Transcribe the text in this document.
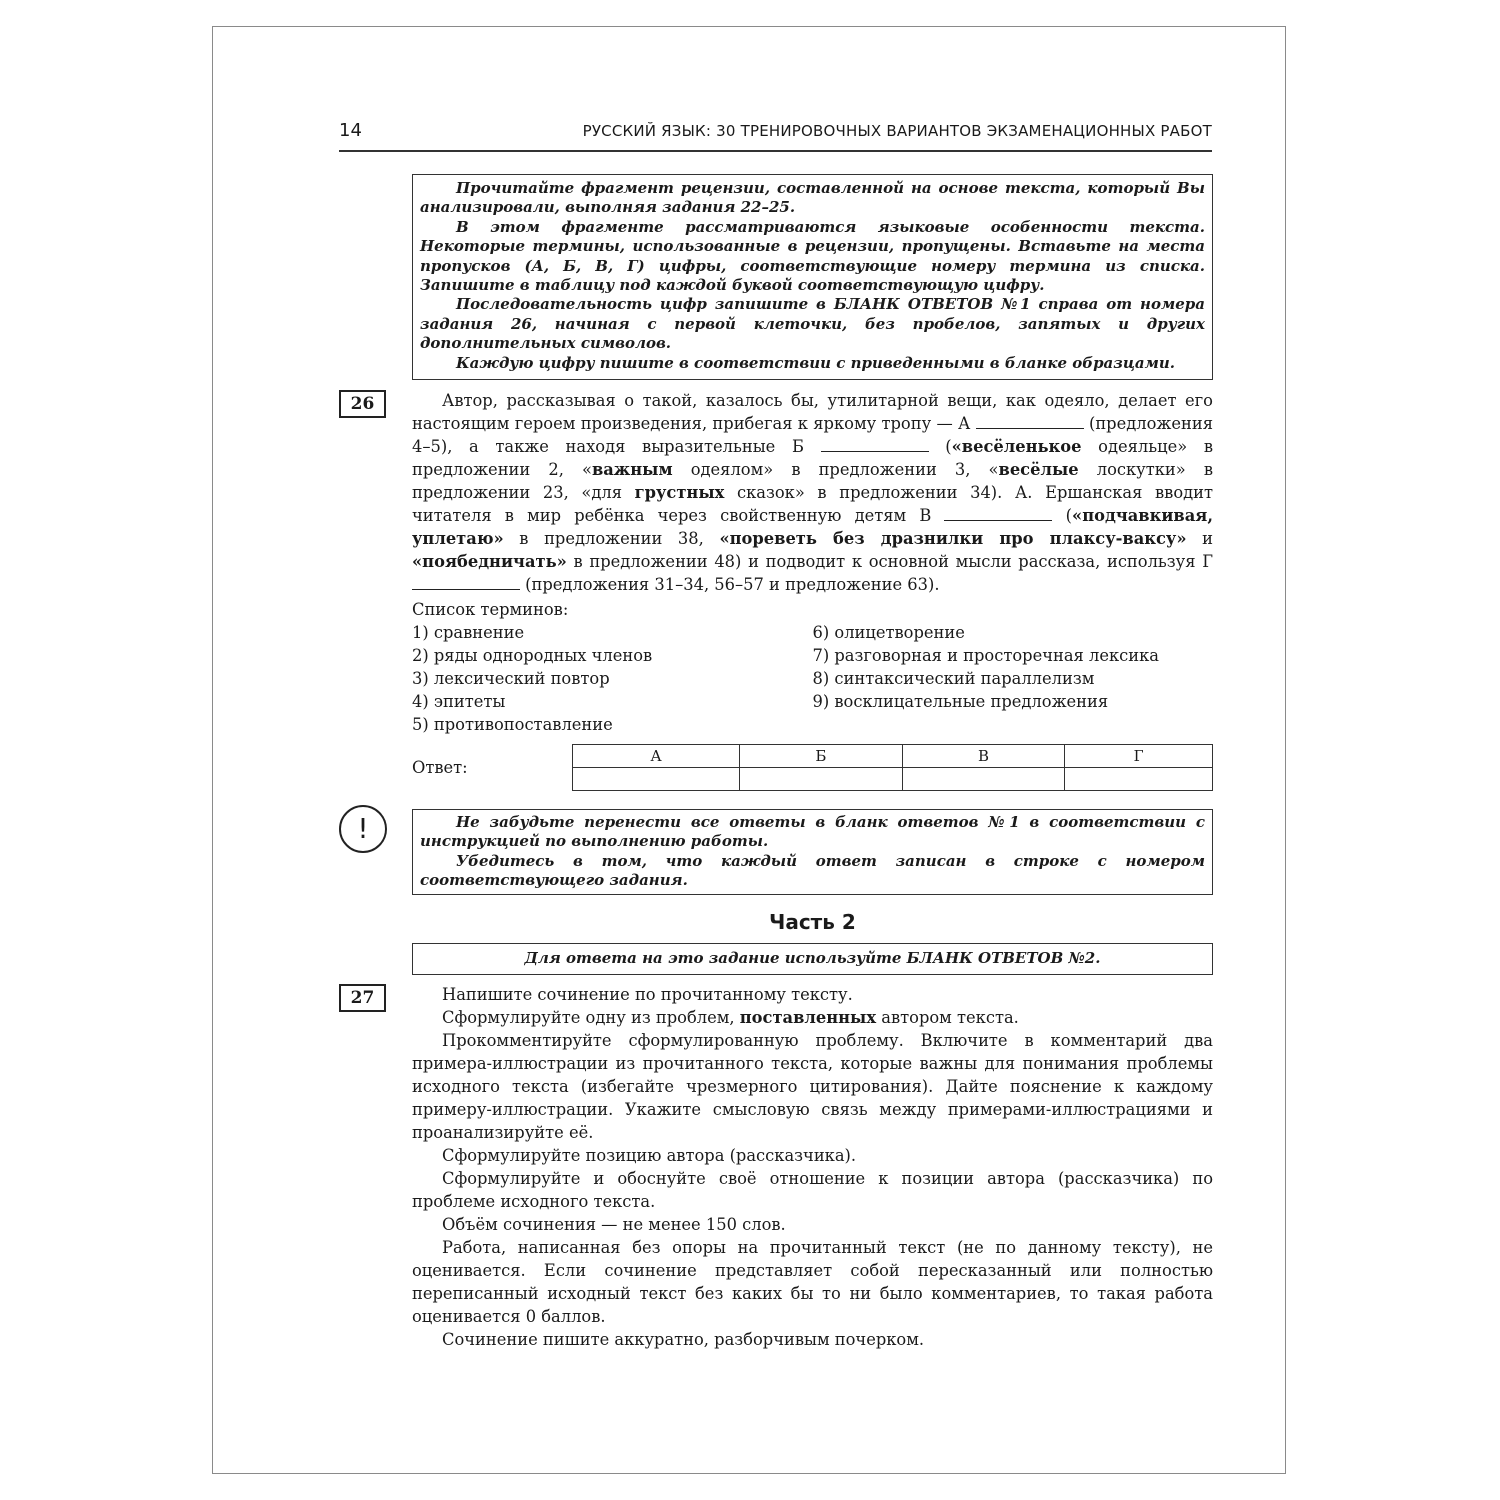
14	РУССКИЙ ЯЗЫК: 30 ТРЕНИРОВОЧНЫХ ВАРИАНТОВ ЭКЗАМЕНАЦИОННЫХ РАБОТ

Прочитайте фрагмент рецензии, составленной на основе текста, который Вы анализировали, выполняя задания 22–25.

В этом фрагменте рассматриваются языковые особенности текста. Некоторые термины, использованные в рецензии, пропущены. Вставьте на места пропусков (А, Б, В, Г) цифры, соответствующие номеру термина из списка. Запишите в таблицу под каждой буквой соответствующую цифру.

Последовательность цифр запишите в БЛАНК ОТВЕТОВ №1 справа от номера задания 26, начиная с первой клеточки, без пробелов, запятых и других дополнительных символов.

Каждую цифру пишите в соответствии с приведенными в бланке образцами.

26	Автор, рассказывая о такой, казалось бы, утилитарной вещи, как одеяло, делает его настоящим героем произведения, прибегая к яркому тропу — А	(предложения 4–5), а также находя выразительные Б	(«весёленькое одеяльце» в предложении 2, «важным одеялом» в предложении 3, «весёлые лоскутки» в предложении 23, «для грустных сказок» в предложении 34). А. Ершанская вводит читателя в мир ребёнка через свойственную детям В	(«подчавкивая, уплетаю» в предложении 38, «пореветь без дразнилки про плаксу-ваксу» и «поябедничать» в предложении 48) и подводит к основной мысли рассказа, используя Г  (предложения 31–34, 56–57 и предложение 63).

Список терминов:
1) сравнение
2) ряды однородных членов
3) лексический повтор
4) эпитеты
5) противопоставление
6) олицетворение
7) разговорная и просторечная лексика
8) синтаксический параллелизм
9) восклицательные предложения
Ответ:
А	Б	В	Г

!	Не забудьте перенести все ответы в бланк ответов №1 в соответствии с инструкцией по выполнению работы.

Убедитесь в том, что каждый ответ записан в строке с номером соответствующего задания.

Часть 2
Для ответа на это задание используйте БЛАНК ОТВЕТОВ №2.
27	Напишите сочинение по прочитанному тексту.

Сформулируйте одну из проблем, поставленных автором текста.

Прокомментируйте сформулированную проблему. Включите в комментарий два примера-иллюстрации из прочитанного текста, которые важны для понимания проблемы исходного текста (избегайте чрезмерного цитирования). Дайте пояснение к каждому примеру-иллюстрации. Укажите смысловую связь между примерами-иллюстрациями и проанализируйте её.

Сформулируйте позицию автора (рассказчика).

Сформулируйте и обоснуйте своё отношение к позиции автора (рассказчика) по проблеме исходного текста.

Объём сочинения — не менее 150 слов.

Работа, написанная без опоры на прочитанный текст (не по данному тексту), не оценивается. Если сочинение представляет собой пересказанный или полностью переписанный исходный текст без каких бы то ни было комментариев, то такая работа оценивается 0 баллов.

Сочинение пишите аккуратно, разборчивым почерком.
